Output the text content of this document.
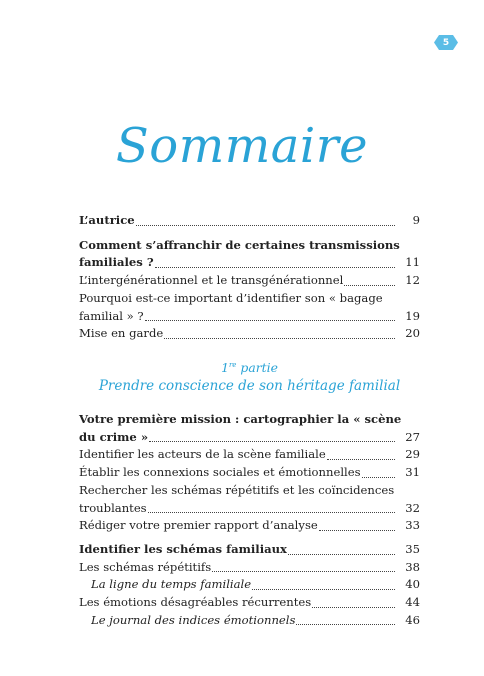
5
Sommaire
L’autrice	9
Comment s’affranchir de certaines transmissions
familiales ?	11
L’intergénérationnel et le transgénérationnel	12
Pourquoi est-ce important d’identifier son « bagage
familial » ?	19
Mise en garde	20
1re partie
Prendre conscience de son héritage familial
Votre première mission : cartographier la « scène
du crime »	27
Identifier les acteurs de la scène familiale	29
Établir les connexions sociales et émotionnelles	31
Rechercher les schémas répétitifs et les coïncidences
troublantes	32
Rédiger votre premier rapport d’analyse	33
Identifier les schémas familiaux	35
Les schémas répétitifs	38
La ligne du temps familiale	40
Les émotions désagréables récurrentes	44
Le journal des indices émotionnels	46
